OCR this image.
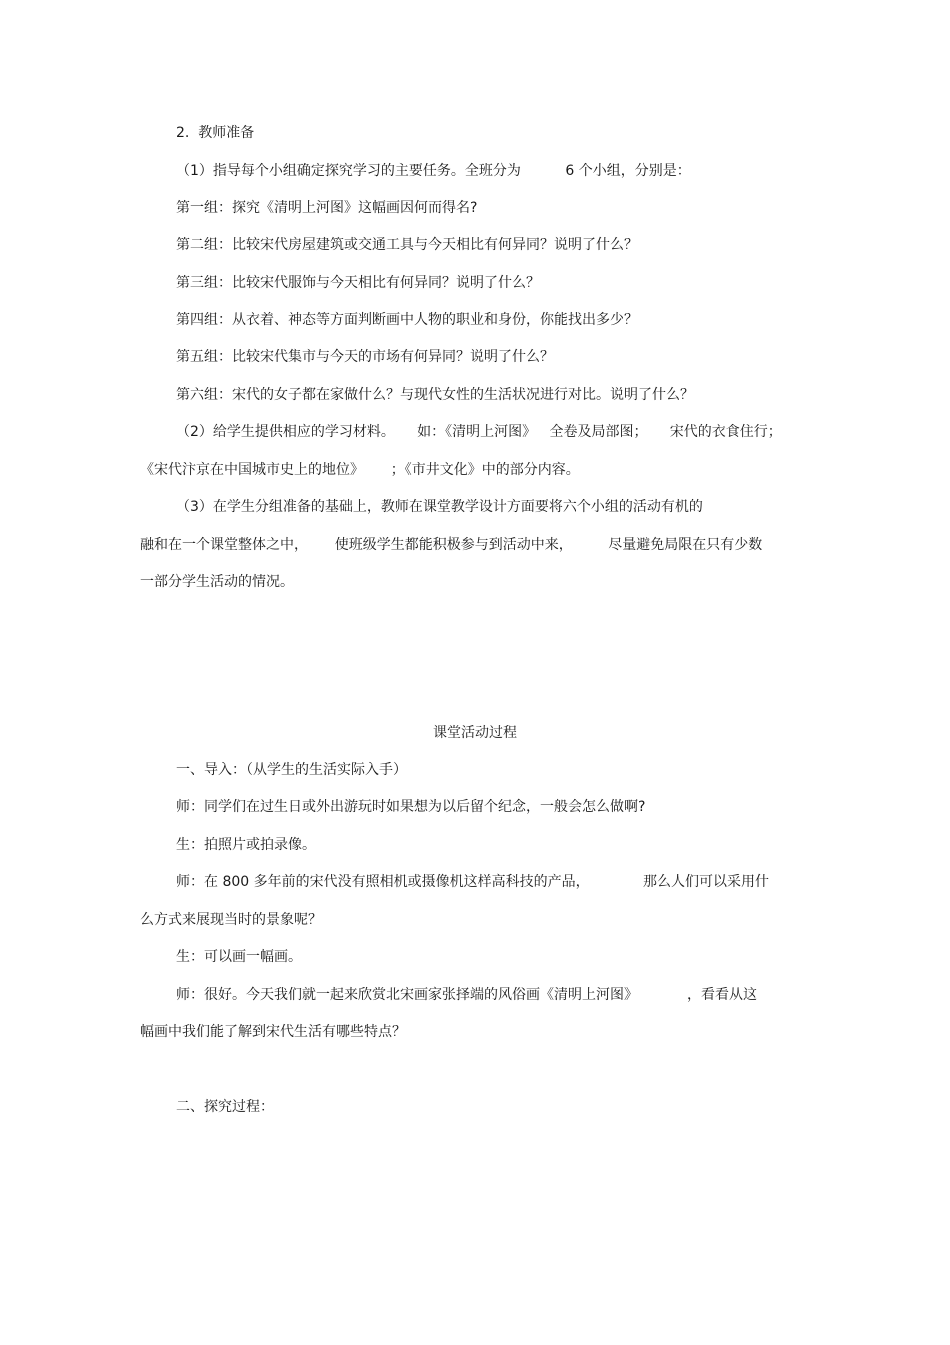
2.  教师准备
（1）指导每个小组确定探究学习的主要任务。全班分为          6 个小组，分别是：
第一组：探究《清明上河图》这幅画因何而得名?
第二组：比较宋代房屋建筑或交通工具与今天相比有何异同？说明了什么？
第三组：比较宋代服饰与今天相比有何异同？说明了什么？
第四组：从衣着、神态等方面判断画中人物的职业和身份，你能找出多少？
第五组：比较宋代集市与今天的市场有何异同？说明了什么？
第六组：宋代的女子都在家做什么？与现代女性的生活状况进行对比。说明了什么？
（2）给学生提供相应的学习材料。     如：《清明上河图》   全卷及局部图；     宋代的衣食住行；
《宋代汴京在中国城市史上的地位》      ；《市井文化》中的部分内容。
（3）在学生分组准备的基础上，教师在课堂教学设计方面要将六个小组的活动有机的
融和在一个课堂整体之中，      使班级学生都能积极参与到活动中来，        尽量避免局限在只有少数
一部分学生活动的情况。
课堂活动过程
一、导入：（从学生的生活实际入手）
师：同学们在过生日或外出游玩时如果想为以后留个纪念，一般会怎么做啊?
生：拍照片或拍录像。
师：在 800 多年前的宋代没有照相机或摄像机这样高科技的产品，            那么人们可以采用什
么方式来展现当时的景象呢？
生：可以画一幅画。
师：很好。今天我们就一起来欣赏北宋画家张择端的风俗画《清明上河图》           ，看看从这
幅画中我们能了解到宋代生活有哪些特点？
二、探究过程：
